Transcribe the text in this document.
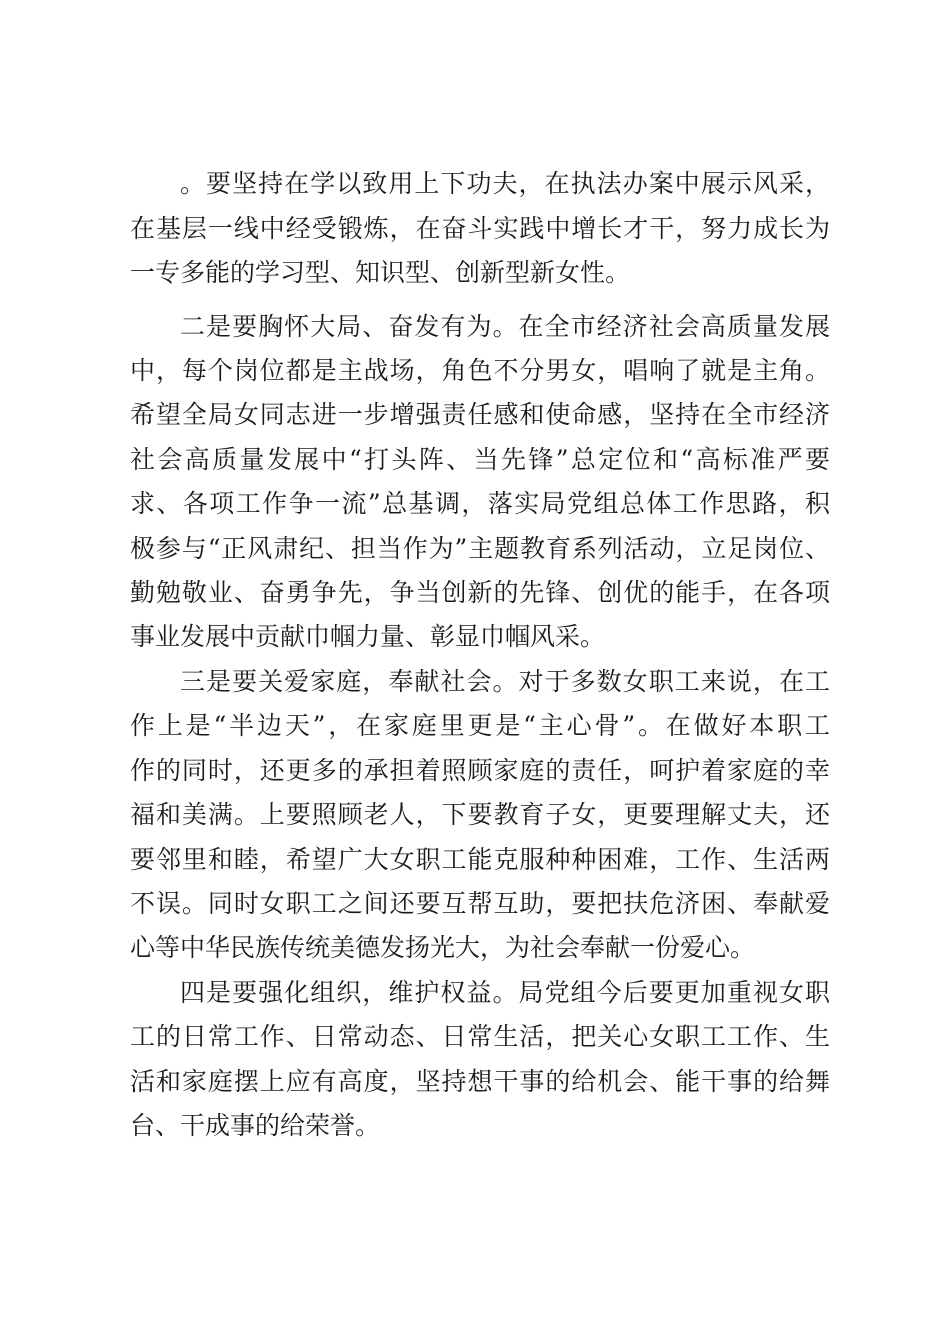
。要坚持在学以致用上下功夫，在执法办案中展示风采，

在基层一线中经受锻炼，在奋斗实践中增长才干，努力成长为

一专多能的学习型、知识型、创新型新女性。

二是要胸怀大局、奋发有为。在全市经济社会高质量发展

中，每个岗位都是主战场，角色不分男女，唱响了就是主角。

希望全局女同志进一步增强责任感和使命感，坚持在全市经济

社会高质量发展中“打头阵、当先锋”总定位和“高标准严要

求、各项工作争一流”总基调，落实局党组总体工作思路，积

极参与“正风肃纪、担当作为”主题教育系列活动，立足岗位、

勤勉敬业、奋勇争先，争当创新的先锋、创优的能手，在各项

事业发展中贡献巾帼力量、彰显巾帼风采。

三是要关爱家庭，奉献社会。对于多数女职工来说，在工

作上是“半边天”，在家庭里更是“主心骨”。在做好本职工

作的同时，还更多的承担着照顾家庭的责任，呵护着家庭的幸

福和美满。上要照顾老人，下要教育子女，更要理解丈夫，还

要邻里和睦，希望广大女职工能克服种种困难，工作、生活两

不误。同时女职工之间还要互帮互助，要把扶危济困、奉献爱

心等中华民族传统美德发扬光大，为社会奉献一份爱心。

四是要强化组织，维护权益。局党组今后要更加重视女职

工的日常工作、日常动态、日常生活，把关心女职工工作、生

活和家庭摆上应有高度，坚持想干事的给机会、能干事的给舞

台、干成事的给荣誉。
